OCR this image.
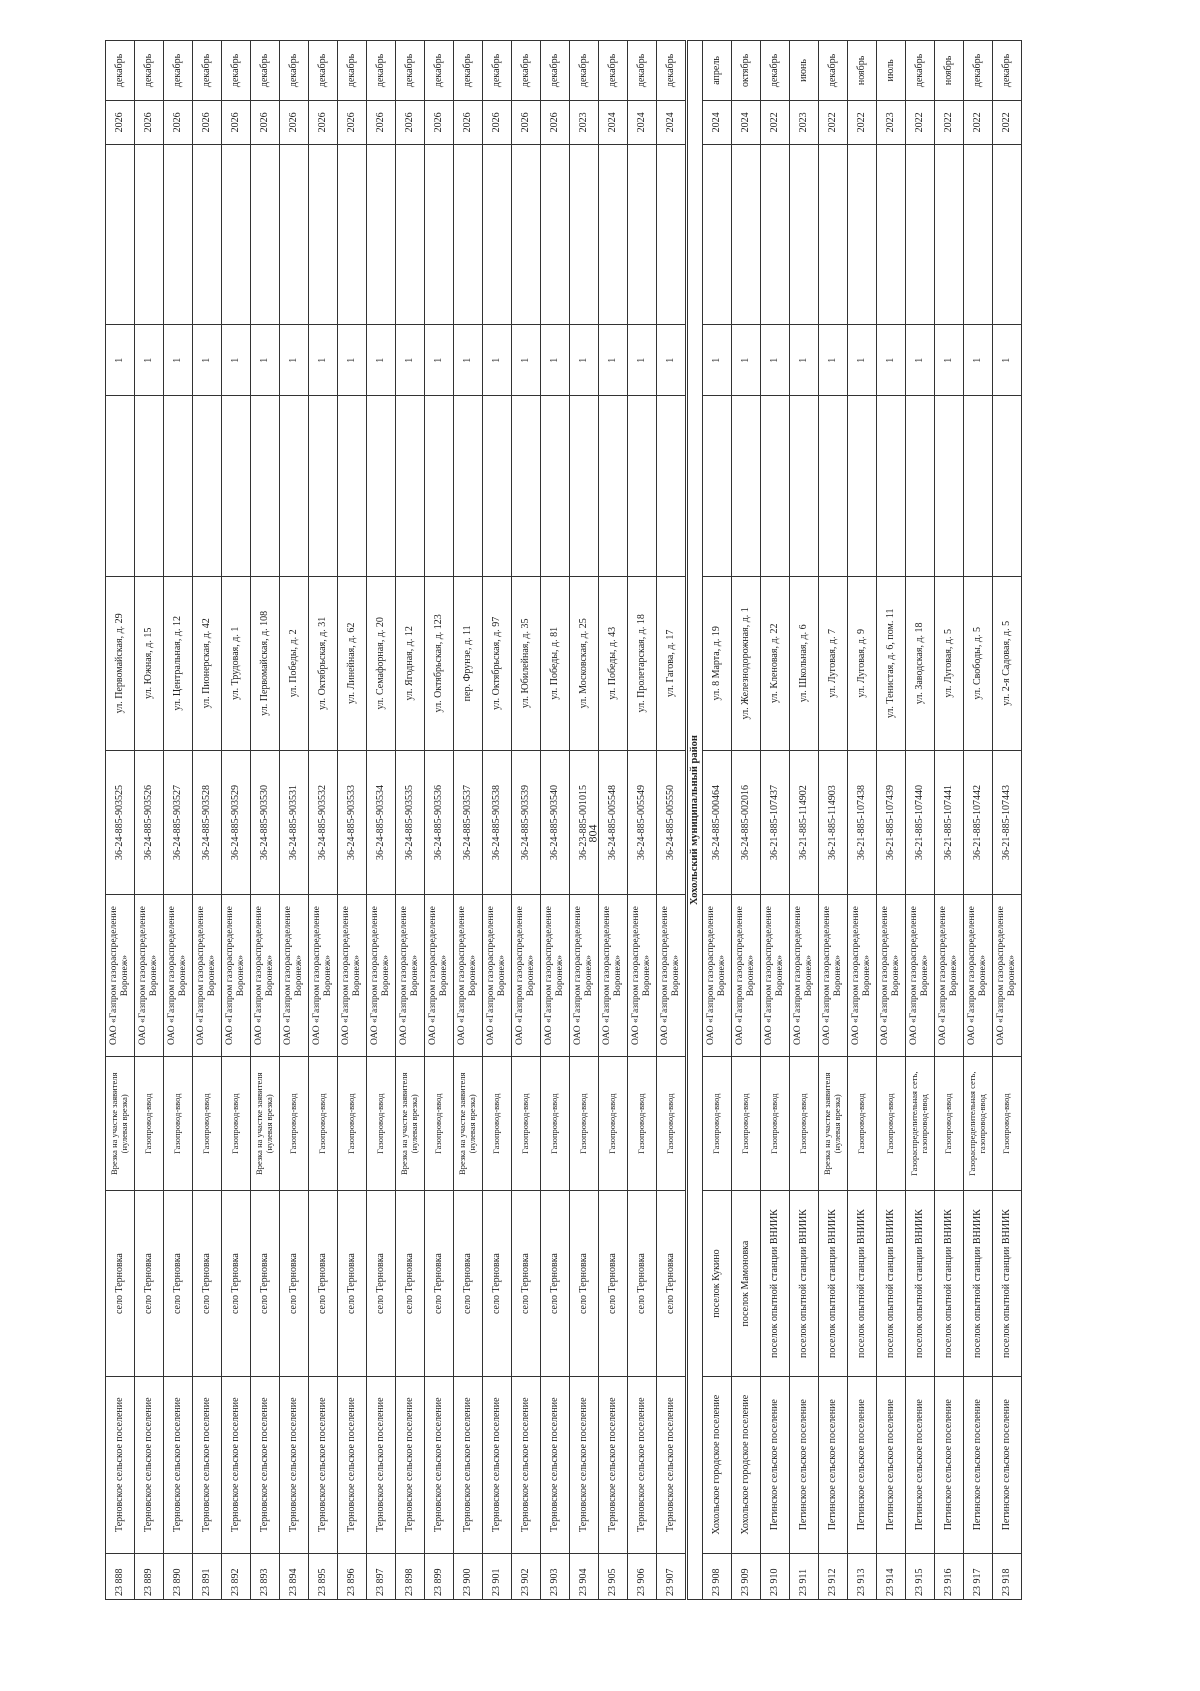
804
23 888	Терновское сельское поселение	село Терновка	Врезка на участке заявителя (нулевая врезка)	ОАО «Газпром газораспределение Воронеж»	36-24-885-903525	ул. Первомайская, д. 29		1		2026	декабрь
23 889	Терновское сельское поселение	село Терновка	Газопровод-ввод	ОАО «Газпром газораспределение Воронеж»	36-24-885-903526	ул. Южная, д. 15		1		2026	декабрь
23 890	Терновское сельское поселение	село Терновка	Газопровод-ввод	ОАО «Газпром газораспределение Воронеж»	36-24-885-903527	ул. Центральная, д. 12		1		2026	декабрь
23 891	Терновское сельское поселение	село Терновка	Газопровод-ввод	ОАО «Газпром газораспределение Воронеж»	36-24-885-903528	ул. Пионерская, д. 42		1		2026	декабрь
23 892	Терновское сельское поселение	село Терновка	Газопровод-ввод	ОАО «Газпром газораспределение Воронеж»	36-24-885-903529	ул. Трудовая, д. 1		1		2026	декабрь
23 893	Терновское сельское поселение	село Терновка	Врезка на участке заявителя (нулевая врезка)	ОАО «Газпром газораспределение Воронеж»	36-24-885-903530	ул. Первомайская, д. 108		1		2026	декабрь
23 894	Терновское сельское поселение	село Терновка	Газопровод-ввод	ОАО «Газпром газораспределение Воронеж»	36-24-885-903531	ул. Победы, д. 2		1		2026	декабрь
23 895	Терновское сельское поселение	село Терновка	Газопровод-ввод	ОАО «Газпром газораспределение Воронеж»	36-24-885-903532	ул. Октябрьская, д. 31		1		2026	декабрь
23 896	Терновское сельское поселение	село Терновка	Газопровод-ввод	ОАО «Газпром газораспределение Воронеж»	36-24-885-903533	ул. Линейная, д. 62		1		2026	декабрь
23 897	Терновское сельское поселение	село Терновка	Газопровод-ввод	ОАО «Газпром газораспределение Воронеж»	36-24-885-903534	ул. Семафорная, д. 20		1		2026	декабрь
23 898	Терновское сельское поселение	село Терновка	Врезка на участке заявителя (нулевая врезка)	ОАО «Газпром газораспределение Воронеж»	36-24-885-903535	ул. Ягодная, д. 12		1		2026	декабрь
23 899	Терновское сельское поселение	село Терновка	Газопровод-ввод	ОАО «Газпром газораспределение Воронеж»	36-24-885-903536	ул. Октябрьская, д. 123		1		2026	декабрь
23 900	Терновское сельское поселение	село Терновка	Врезка на участке заявителя (нулевая врезка)	ОАО «Газпром газораспределение Воронеж»	36-24-885-903537	пер. Фрунзе, д. 11		1		2026	декабрь
23 901	Терновское сельское поселение	село Терновка	Газопровод-ввод	ОАО «Газпром газораспределение Воронеж»	36-24-885-903538	ул. Октябрьская, д. 97		1		2026	декабрь
23 902	Терновское сельское поселение	село Терновка	Газопровод-ввод	ОАО «Газпром газораспределение Воронеж»	36-24-885-903539	ул. Юбилейная, д. 35		1		2026	декабрь
23 903	Терновское сельское поселение	село Терновка	Газопровод-ввод	ОАО «Газпром газораспределение Воронеж»	36-24-885-903540	ул. Победы, д. 81		1		2026	декабрь
23 904	Терновское сельское поселение	село Терновка	Газопровод-ввод	ОАО «Газпром газораспределение Воронеж»	36-23-885-001015	ул. Московская, д. 25		1		2023	декабрь
23 905	Терновское сельское поселение	село Терновка	Газопровод-ввод	ОАО «Газпром газораспределение Воронеж»	36-24-885-005548	ул. Победы, д. 43		1		2024	декабрь
23 906	Терновское сельское поселение	село Терновка	Газопровод-ввод	ОАО «Газпром газораспределение Воронеж»	36-24-885-005549	ул. Пролетарская, д. 18		1		2024	декабрь
23 907	Терновское сельское поселение	село Терновка	Газопровод-ввод	ОАО «Газпром газораспределение Воронеж»	36-24-885-005550	ул. Гагова, д. 17		1		2024	декабрь
Хохольский муниципальный район											
23 908	Хохольское городское поселение	поселок Кукино	Газопровод-ввод	ОАО «Газпром газораспределение Воронеж»	36-24-885-000464	ул. 8 Марта, д. 19		1		2024	апрель
23 909	Хохольское городское поселение	поселок Мамоновка	Газопровод-ввод	ОАО «Газпром газораспределение Воронеж»	36-24-885-002016	ул. Железнодорожная, д. 1		1		2024	октябрь
23 910	Петинское сельское поселение	поселок опытной станции ВНИИК	Газопровод-ввод	ОАО «Газпром газораспределение Воронеж»	36-21-885-107437	ул. Кленовая, д. 22		1		2022	декабрь
23 911	Петинское сельское поселение	поселок опытной станции ВНИИК	Газопровод-ввод	ОАО «Газпром газораспределение Воронеж»	36-21-885-114902	ул. Школьная, д. 6		1		2023	июнь
23 912	Петинское сельское поселение	поселок опытной станции ВНИИК	Врезка на участке заявителя (нулевая врезка)	ОАО «Газпром газораспределение Воронеж»	36-21-885-114903	ул. Луговая, д. 7		1		2022	декабрь
23 913	Петинское сельское поселение	поселок опытной станции ВНИИК	Газопровод-ввод	ОАО «Газпром газораспределение Воронеж»	36-21-885-107438	ул. Луговая, д. 9		1		2022	ноябрь
23 914	Петинское сельское поселение	поселок опытной станции ВНИИК	Газопровод-ввод	ОАО «Газпром газораспределение Воронеж»	36-21-885-107439	ул. Тенистая, д. 6, пом. 11		1		2023	июль
23 915	Петинское сельское поселение	поселок опытной станции ВНИИК	Газораспределительная сеть, газопровод-ввод	ОАО «Газпром газораспределение Воронеж»	36-21-885-107440	ул. Заводская, д. 18		1		2022	декабрь
23 916	Петинское сельское поселение	поселок опытной станции ВНИИК	Газопровод-ввод	ОАО «Газпром газораспределение Воронеж»	36-21-885-107441	ул. Луговая, д. 5		1		2022	ноябрь
23 917	Петинское сельское поселение	поселок опытной станции ВНИИК	Газораспределительная сеть, газопровод-ввод	ОАО «Газпром газораспределение Воронеж»	36-21-885-107442	ул. Свободы, д. 5		1		2022	декабрь
23 918	Петинское сельское поселение	поселок опытной станции ВНИИК	Газопровод-ввод	ОАО «Газпром газораспределение Воронеж»	36-21-885-107443	ул. 2-я Садовая, д. 5		1		2022	декабрь
